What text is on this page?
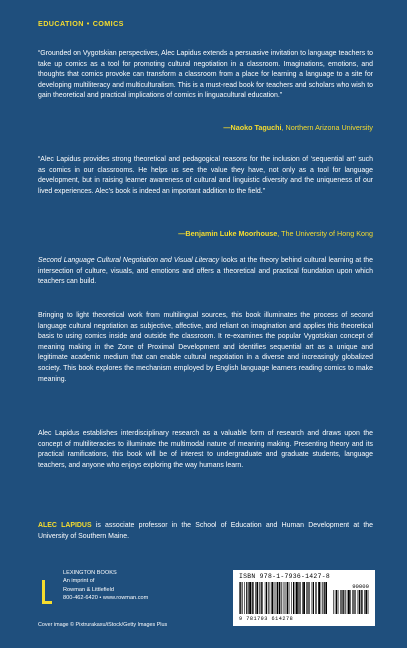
EDUCATION • COMICS

“Grounded on Vygotskian perspectives, Alec Lapidus extends a persuasive invitation to language teachers to take up comics as a tool for promoting cultural negotiation in a classroom. Imaginations, emotions, and thoughts that comics provoke can transform a classroom from a place for learning a language to a site for developing multiliteracy and multiculturalism. This is a must-read book for teachers and scholars who wish to gain theoretical and practical implications of comics in linguacultural education.”

—Naoko Taguchi, Northern Arizona University

“Alec Lapidus provides strong theoretical and pedagogical reasons for the inclusion of ‘sequential art’ such as comics in our classrooms. He helps us see the value they have, not only as a tool for language development, but in raising learner awareness of cultural and linguistic diversity and the uniqueness of our lived experiences. Alec’s book is indeed an important addition to the field.”

—Benjamin Luke Moorhouse, The University of Hong Kong

Second Language Cultural Negotiation and Visual Literacy looks at the theory behind cultural learning at the intersection of culture, visuals, and emotions and offers a theoretical and practical foundation upon which teachers can build.

Bringing to light theoretical work from multilingual sources, this book illuminates the process of second language cultural negotiation as subjective, affective, and reliant on imagination and applies this theoretical basis to using comics inside and outside the classroom. It re-examines the popular Vygotskian concept of meaning making in the Zone of Proximal Development and identifies sequential art as a unique and legitimate academic medium that can enable cultural negotiation in a diverse and increasingly globalized society. This book explores the mechanism employed by English language learners reading comics to make meaning.

Alec Lapidus establishes interdisciplinary research as a valuable form of research and draws upon the concept of multiliteracies to illuminate the multimodal nature of meaning making. Presenting theory and its practical ramifications, this book will be of interest to undergraduate and graduate students, language teachers, and anyone who enjoys exploring the way humans learn.

ALEC LAPIDUS is associate professor in the School of Education and Human Development at the University of Southern Maine.

LEXINGTON BOOKS
An imprint of
Rowman & Littlefield
800-462-6420 • www.rowman.com
Cover image © Pixtrurakaxu/iStock/Getty Images Plus
ISBN 978-1-7936-1427-8
90000
9 781793 614278
